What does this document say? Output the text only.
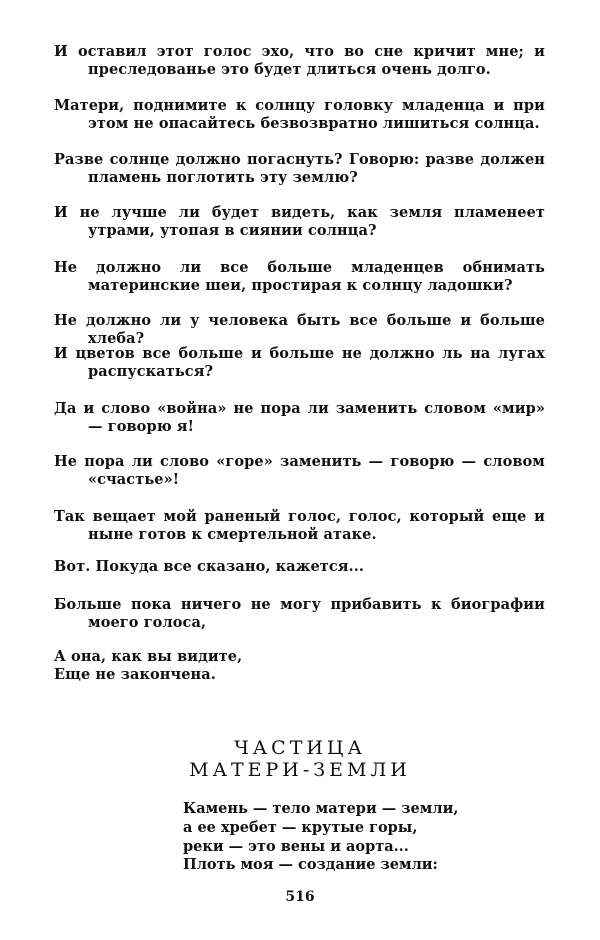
И оставил этот голос эхо, что во сне кричит мне; и преследованье это будет длиться очень долго.
Матери, поднимите к солнцу головку младенца и при этом не опасайтесь безвозвратно лишиться солнца.
Разве солнце должно погаснуть? Говорю: разве должен пламень поглотить эту землю?
И не лучше ли будет видеть, как земля пламенеет утрами, утопая в сиянии солнца?
Не должно ли все больше младенцев обнимать материнские шеи, простирая к солнцу ладошки?
Не должно ли у человека быть все больше и больше хлеба?
И цветов все больше и больше не должно ль на лугах распускаться?
Да и слово «война» не пора ли заменить словом «мир» — говорю я!
Не пора ли слово «горе» заменить — говорю — словом «счастье»!
Так вещает мой раненый голос, голос, который еще и ныне готов к смертельной атаке.
Вот. Покуда все сказано, кажется...
Больше пока ничего не могу прибавить к биографии моего голоса,
А она, как вы видите,
Еще не закончена.
ЧАСТИЦА
МАТЕРИ-ЗЕМЛИ
Камень — тело матери — земли,
а ее хребет — крутые горы,
реки — это вены и аорта...
Плоть моя — создание земли:
516
